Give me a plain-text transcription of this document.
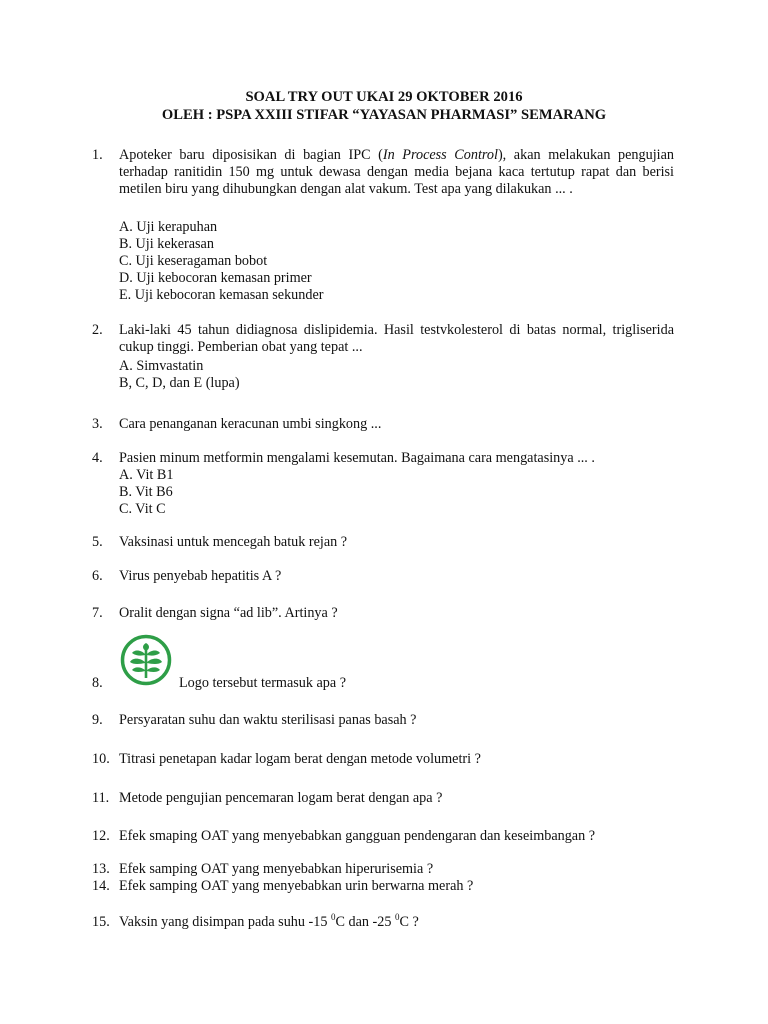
SOAL TRY OUT UKAI 29 OKTOBER 2016
OLEH : PSPA XXIII STIFAR “YAYASAN PHARMASI” SEMARANG
1. Apoteker baru diposisikan di bagian IPC (In Process Control), akan melakukan pengujian terhadap ranitidin 150 mg untuk dewasa dengan media bejana kaca tertutup rapat dan berisi metilen biru yang dihubungkan dengan alat vakum. Test apa yang dilakukan ... .
A. Uji kerapuhan
B. Uji kekerasan
C. Uji keseragaman bobot
D. Uji kebocoran kemasan primer
E. Uji kebocoran kemasan sekunder
2. Laki-laki 45 tahun didiagnosa dislipidemia. Hasil testvkolesterol di batas normal, trigliserida cukup tinggi. Pemberian obat yang tepat ...
A. Simvastatin
B, C, D, dan E (lupa)
3. Cara penanganan keracunan umbi singkong ...
4. Pasien minum metformin mengalami kesemutan. Bagaimana cara mengatasinya ... .
A. Vit B1
B. Vit B6
C. Vit C
5. Vaksinasi untuk mencegah batuk rejan ?
6. Virus penyebab hepatitis A ?
7. Oralit dengan signa “ad lib”. Artinya ?
8.	Logo tersebut termasuk apa ?
9. Persyaratan suhu dan waktu sterilisasi panas basah ?
10. Titrasi penetapan kadar logam berat dengan metode volumetri ?
11. Metode pengujian pencemaran logam berat dengan apa ?
12. Efek smaping OAT yang menyebabkan gangguan pendengaran dan keseimbangan ?
13. Efek samping OAT yang menyebabkan hiperurisemia ?
14. Efek samping OAT yang menyebabkan urin berwarna merah ?
15. Vaksin yang disimpan pada suhu -15 $^0$C dan -25 $^0$C ?
